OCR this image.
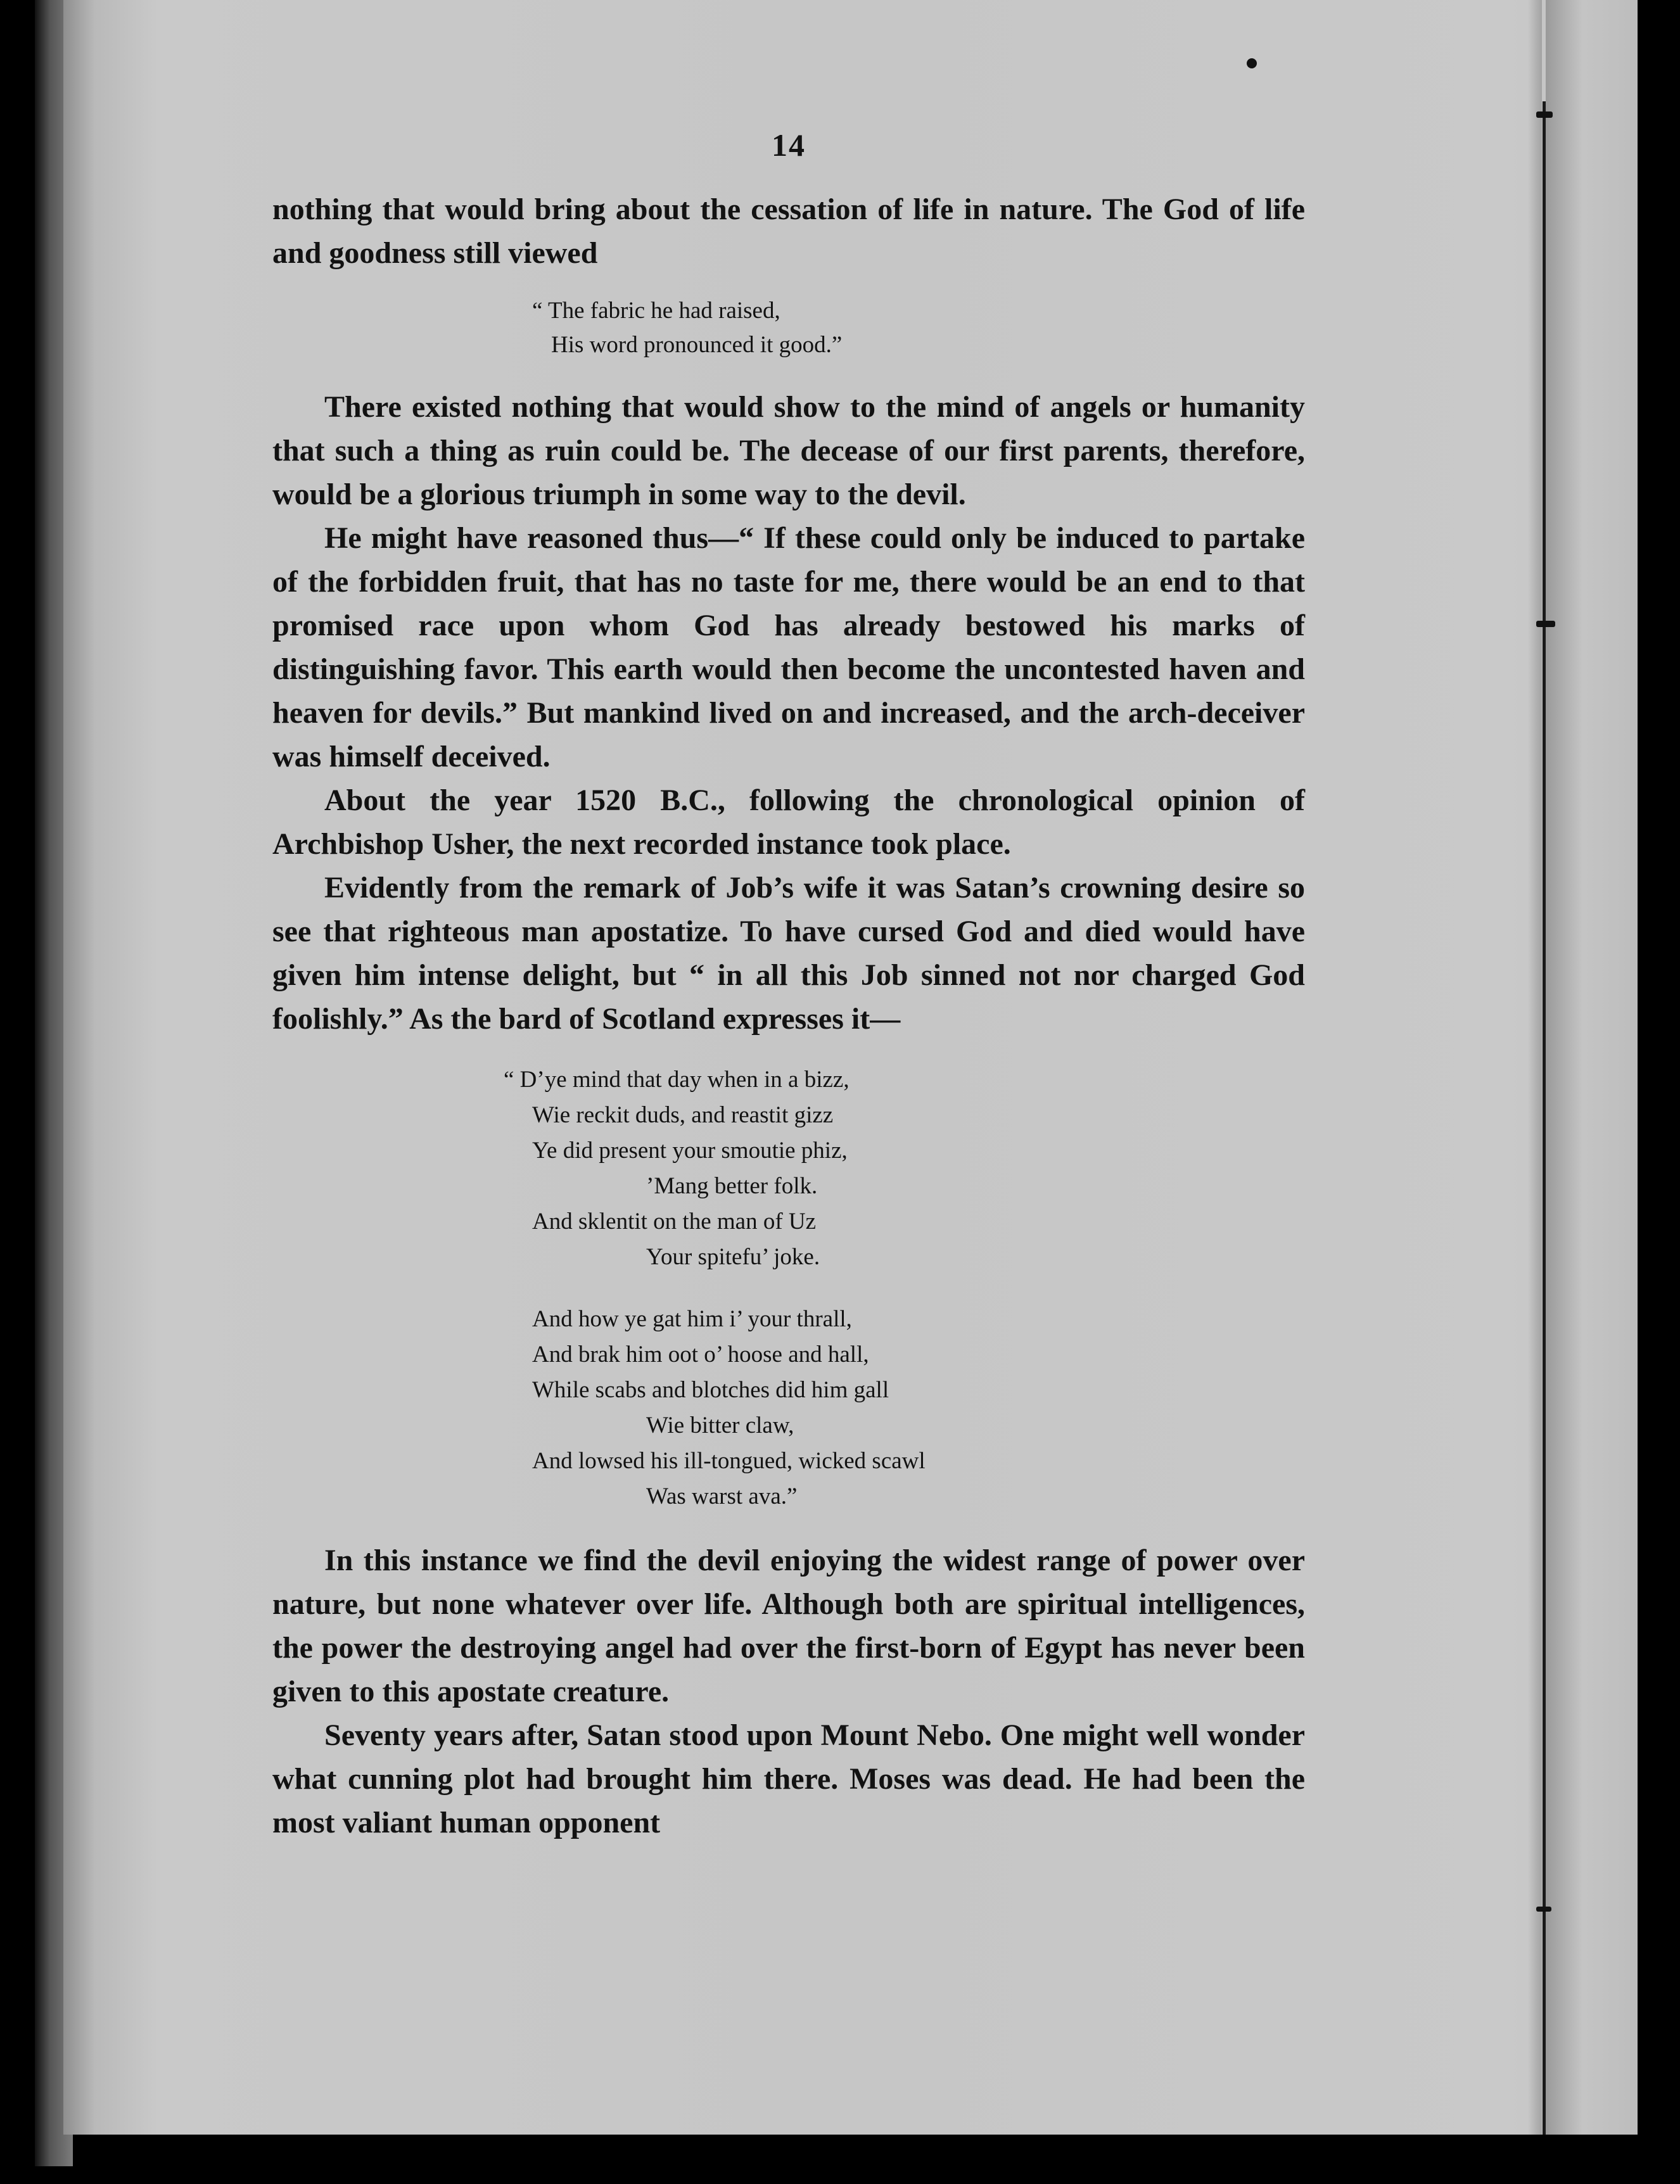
14

nothing that would bring about the cessation of life in nature. The God of life and goodness still viewed

“ The fabric he had raised,
His word pronounced it good.”

There existed nothing that would show to the mind of angels or humanity that such a thing as ruin could be. The decease of our first parents, therefore, would be a glorious triumph in some way to the devil.

He might have reasoned thus—“ If these could only be induced to partake of the forbidden fruit, that has no taste for me, there would be an end to that promised race upon whom God has already bestowed his marks of distinguishing favor. This earth would then become the uncontested haven and heaven for devils.” But mankind lived on and increased, and the arch-deceiver was himself deceived.

About the year 1520 B.C., following the chronological opinion of Archbishop Usher, the next recorded instance took place.

Evidently from the remark of Job’s wife it was Satan’s crowning desire so see that righteous man apostatize. To have cursed God and died would have given him intense delight, but “ in all this Job sinned not nor charged God foolishly.” As the bard of Scotland expresses it—

“ D’ye mind that day when in a bizz,
Wie reckit duds, and reastit gizz
Ye did present your smoutie phiz,
’Mang better folk.
And sklentit on the man of Uz
Your spitefu’ joke.
And how ye gat him i’ your thrall,
And brak him oot o’ hoose and hall,
While scabs and blotches did him gall
Wie bitter claw,
And lowsed his ill-tongued, wicked scawl
Was warst ava.”

In this instance we find the devil enjoying the widest range of power over nature, but none whatever over life. Although both are spiritual intelligences, the power the destroying angel had over the first-born of Egypt has never been given to this apostate creature.

Seventy years after, Satan stood upon Mount Nebo. One might well wonder what cunning plot had brought him there. Moses was dead. He had been the most valiant human opponent
